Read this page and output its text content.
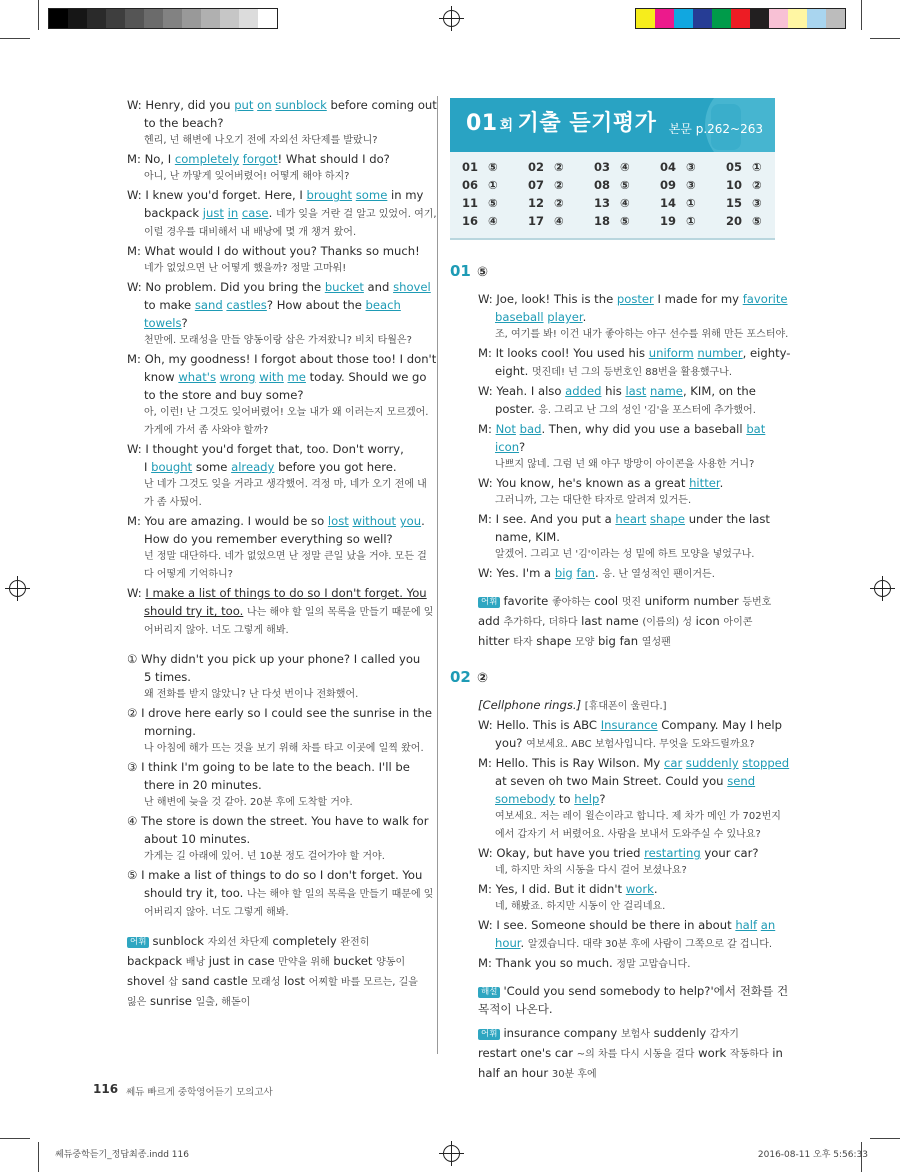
W: Henry, did you put on sunblock before coming out
to the beach?
헨리, 넌 해변에 나오기 전에 자외선 차단제를 발랐니?
M: No, I completely forgot! What should I do?
아니, 난 까맣게 잊어버렸어! 어떻게 해야 하지?
W: I knew you'd forget. Here, I brought some in my
backpack just in case. 네가 잊을 거란 걸 알고 있었어. 여기,
이럴 경우를 대비해서 내 배낭에 몇 개 챙겨 왔어.
M: What would I do without you? Thanks so much!
네가 없었으면 난 어떻게 했을까? 정말 고마워!
W: No problem. Did you bring the bucket and shovel
to make sand castles? How about the beach
towels?
천만에. 모래성을 만들 양동이랑 삽은 가져왔니? 비치 타월은?
M: Oh, my goodness! I forgot about those too! I don't
know what's wrong with me today. Should we go
to the store and buy some?
아, 이런! 난 그것도 잊어버렸어! 오늘 내가 왜 이러는지 모르겠어.
가게에 가서 좀 사와야 할까?
W: I thought you'd forget that, too. Don't worry,
I bought some already before you got here.
난 네가 그것도 잊을 거라고 생각했어. 걱정 마, 네가 오기 전에 내
가 좀 사뒀어.
M: You are amazing. I would be so lost without you.
How do you remember everything so well?
넌 정말 대단하다. 네가 없었으면 난 정말 큰일 났을 거야. 모든 걸
다 어떻게 기억하니?
W: I make a list of things to do so I don't forget. You
should try it, too. 나는 해야 할 일의 목록을 만들기 때문에 잊
어버리지 않아. 너도 그렇게 해봐.
① Why didn't you pick up your phone? I called you
5 times.
왜 전화를 받지 않았니? 난 다섯 번이나 전화했어.
② I drove here early so I could see the sunrise in the
morning.
나 아침에 해가 뜨는 것을 보기 위해 차를 타고 이곳에 일찍 왔어.
③ I think I'm going to be late to the beach. I'll be
there in 20 minutes.
난 해변에 늦을 것 같아. 20분 후에 도착할 거야.
④ The store is down the street. You have to walk for
about 10 minutes.
가게는 길 아래에 있어. 넌 10분 정도 걸어가야 할 거야.
⑤ I make a list of things to do so I don't forget. You
should try it, too. 나는 해야 할 일의 목록을 만들기 때문에 잊
어버리지 않아. 너도 그렇게 해봐.
어휘 sunblock 자외선 차단제 completely 완전히
backpack 배낭 just in case 만약을 위해 bucket 양동이
shovel 삽 sand castle 모래성 lost 어찌할 바를 모르는, 길을
잃은 sunrise 일출, 해돋이
01 회 기출 듣기평가 본문 p.262~263
01 ⑤	02 ②	03 ④	04 ③	05 ①
06 ①	07 ②	08 ⑤	09 ③	10 ②
11 ⑤	12 ②	13 ④	14 ①	15 ③
16 ④	17 ④	18 ⑤	19 ①	20 ⑤
01 ⑤
W: Joe, look! This is the poster I made for my favorite
baseball player.
조, 여기를 봐! 이건 내가 좋아하는 야구 선수를 위해 만든 포스터야.
M: It looks cool! You used his uniform number, eighty-
eight. 멋진데! 넌 그의 등번호인 88번을 활용했구나.
W: Yeah. I also added his last name, KIM, on the
poster. 응. 그리고 난 그의 성인 '김'을 포스터에 추가했어.
M: Not bad. Then, why did you use a baseball bat
icon?
나쁘지 않네. 그럼 넌 왜 야구 방망이 아이콘을 사용한 거니?
W: You know, he's known as a great hitter.
그러니까, 그는 대단한 타자로 알려져 있거든.
M: I see. And you put a heart shape under the last
name, KIM.
알겠어. 그리고 넌 '김'이라는 성 밑에 하트 모양을 넣었구나.
W: Yes. I'm a big fan. 응. 난 열성적인 팬이거든.
어휘 favorite 좋아하는 cool 멋진 uniform number 등번호
add 추가하다, 더하다 last name (이름의) 성 icon 아이콘
hitter 타자 shape 모양 big fan 열성팬
02 ②
[Cellphone rings.] [휴대폰이 울린다.]
W: Hello. This is ABC Insurance Company. May I help
you? 여보세요. ABC 보험사입니다. 무엇을 도와드릴까요?
M: Hello. This is Ray Wilson. My car suddenly stopped
at seven oh two Main Street. Could you send
somebody to help?
여보세요. 저는 레이 윌슨이라고 합니다. 제 차가 메인 가 702번지
에서 갑자기 서 버렸어요. 사람을 보내서 도와주실 수 있나요?
W: Okay, but have you tried restarting your car?
네, 하지만 차의 시동을 다시 걸어 보셨나요?
M: Yes, I did. But it didn't work.
네, 해봤죠. 하지만 시동이 안 걸리네요.
W: I see. Someone should be there in about half an
hour. 알겠습니다. 대략 30분 후에 사람이 그쪽으로 갈 겁니다.
M: Thank you so much. 정말 고맙습니다.
해설 'Could you send somebody to help?'에서 전화를 건
목적이 나온다.
어휘 insurance company 보험사 suddenly 갑자기
restart one's car ~의 차를 다시 시동을 걸다 work 작동하다 in
half an hour 30분 후에
116 쎄듀 빠르게 중학영어듣기 모의고사
쎄듀중학듣기_정답최종.indd 116	2016-08-11 오후 5:56:33
